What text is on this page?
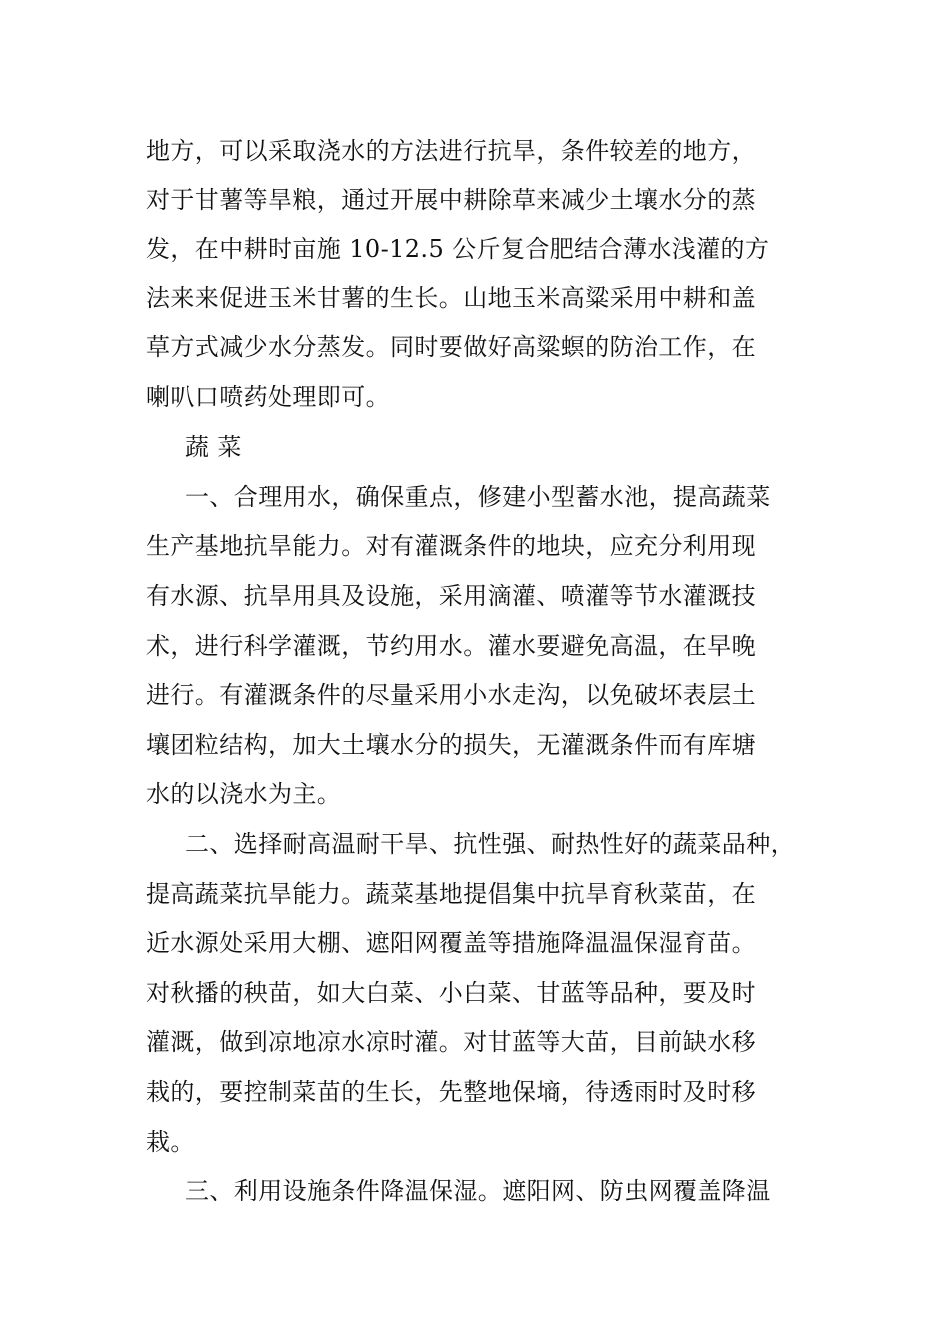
地方，可以采取浇水的方法进行抗旱，条件较差的地方，
对于甘薯等旱粮，通过开展中耕除草来减少土壤水分的蒸
发，在中耕时亩施 10-12.5 公斤复合肥结合薄水浅灌的方
法来来促进玉米甘薯的生长。山地玉米高粱采用中耕和盖
草方式减少水分蒸发。同时要做好高粱螟的防治工作，在
喇叭口喷药处理即可。
蔬 菜
一、合理用水，确保重点，修建小型蓄水池，提高蔬菜
生产基地抗旱能力。对有灌溉条件的地块，应充分利用现
有水源、抗旱用具及设施，采用滴灌、喷灌等节水灌溉技
术，进行科学灌溉，节约用水。灌水要避免高温，在早晚
进行。有灌溉条件的尽量采用小水走沟，以免破坏表层土
壤团粒结构，加大土壤水分的损失，无灌溉条件而有库塘
水的以浇水为主。
二、选择耐高温耐干旱、抗性强、耐热性好的蔬菜品种，
提高蔬菜抗旱能力。蔬菜基地提倡集中抗旱育秋菜苗，在
近水源处采用大棚、遮阳网覆盖等措施降温温保湿育苗。
对秋播的秧苗，如大白菜、小白菜、甘蓝等品种，要及时
灌溉，做到凉地凉水凉时灌。对甘蓝等大苗，目前缺水移
栽的，要控制菜苗的生长，先整地保墒，待透雨时及时移
栽。
三、利用设施条件降温保湿。遮阳网、防虫网覆盖降温
